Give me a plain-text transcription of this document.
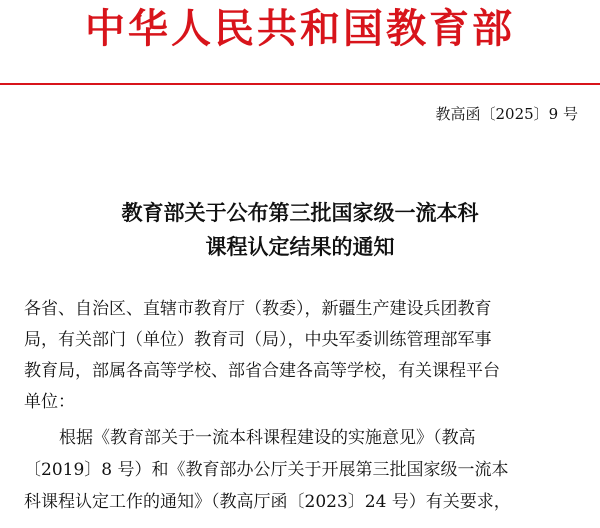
中华人民共和国教育部
教高函〔2025〕9 号
教育部关于公布第三批国家级一流本科
课程认定结果的通知
各省、自治区、直辖市教育厅（教委），新疆生产建设兵团教育
局，有关部门（单位）教育司（局），中央军委训练管理部军事
教育局，部属各高等学校、部省合建各高等学校，有关课程平台
单位：
根据《教育部关于一流本科课程建设的实施意见》（教高
〔2019〕8 号）和《教育部办公厅关于开展第三批国家级一流本
科课程认定工作的通知》（教高厅函〔2023〕24 号）有关要求，
